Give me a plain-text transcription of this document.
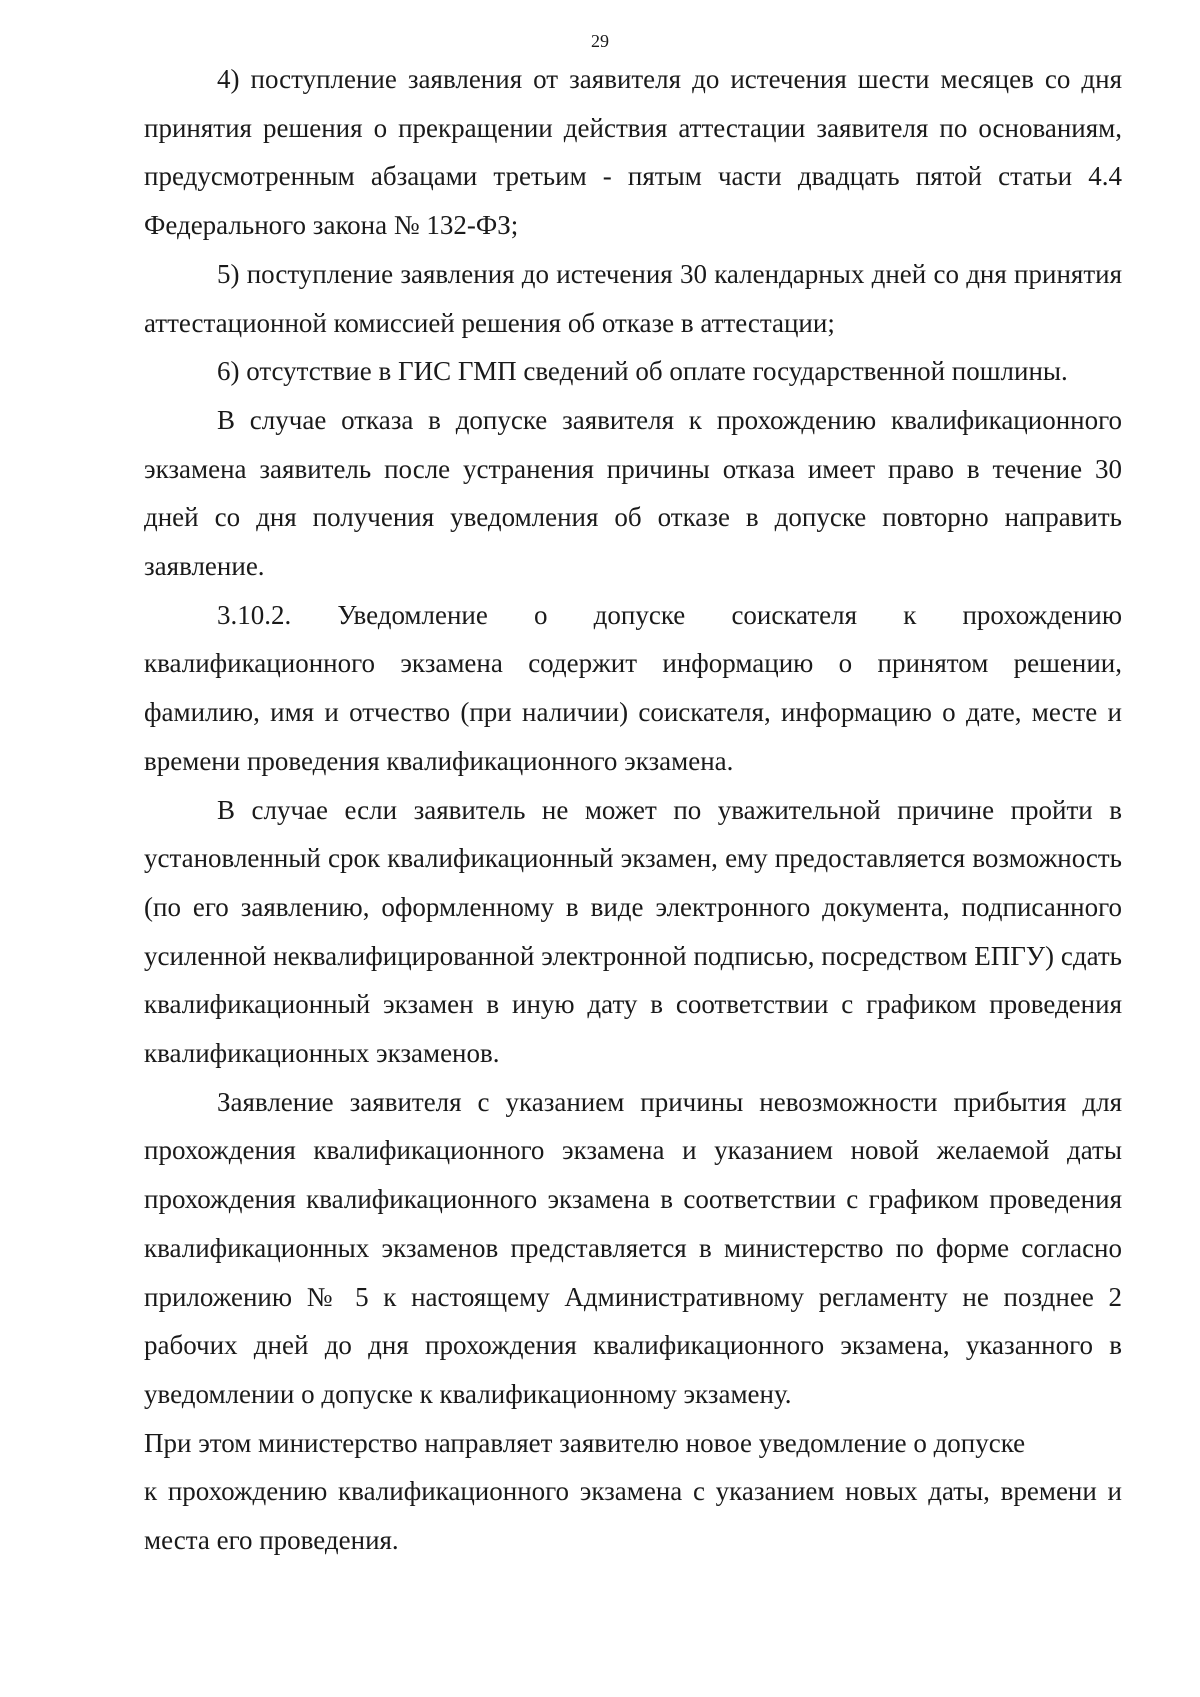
29

4) поступление заявления от заявителя до истечения шести месяцев со дня принятия решения о прекращении действия аттестации заявителя по основаниям, предусмотренным абзацами третьим - пятым части двадцать пятой статьи 4.4 Федерального закона № 132-ФЗ;

5) поступление заявления до истечения 30 календарных дней со дня принятия аттестационной комиссией решения об отказе в аттестации;

6) отсутствие в ГИС ГМП сведений об оплате государственной пошлины.

В случае отказа в допуске заявителя к прохождению квалификационного экзамена заявитель после устранения причины отказа имеет право в течение 30 дней со дня получения уведомления об отказе в допуске повторно направить заявление.

3.10.2. Уведомление о допуске соискателя к прохождению квалификационного экзамена содержит информацию о принятом решении, фамилию, имя и отчество (при наличии) соискателя, информацию о дате, месте и времени проведения квалификационного экзамена.

В случае если заявитель не может по уважительной причине пройти в установленный срок квалификационный экзамен, ему предоставляется возможность (по его заявлению, оформленному в виде электронного документа, подписанного усиленной неквалифицированной электронной подписью, посредством ЕПГУ) сдать квалификационный экзамен в иную дату в соответствии с графиком проведения квалификационных экзаменов.

Заявление заявителя с указанием причины невозможности прибытия для прохождения квалификационного экзамена и указанием новой желаемой даты прохождения квалификационного экзамена в соответствии с графиком проведения квалификационных экзаменов представляется в министерство по форме согласно приложению № 5 к настоящему Административному регламенту не позднее 2 рабочих дней до дня прохождения квалификационного экзамена, указанного в уведомлении о допуске к квалификационному экзамену.

При этом министерство направляет заявителю новое уведомление о допуске

к прохождению квалификационного экзамена с указанием новых даты, времени и места его проведения.
